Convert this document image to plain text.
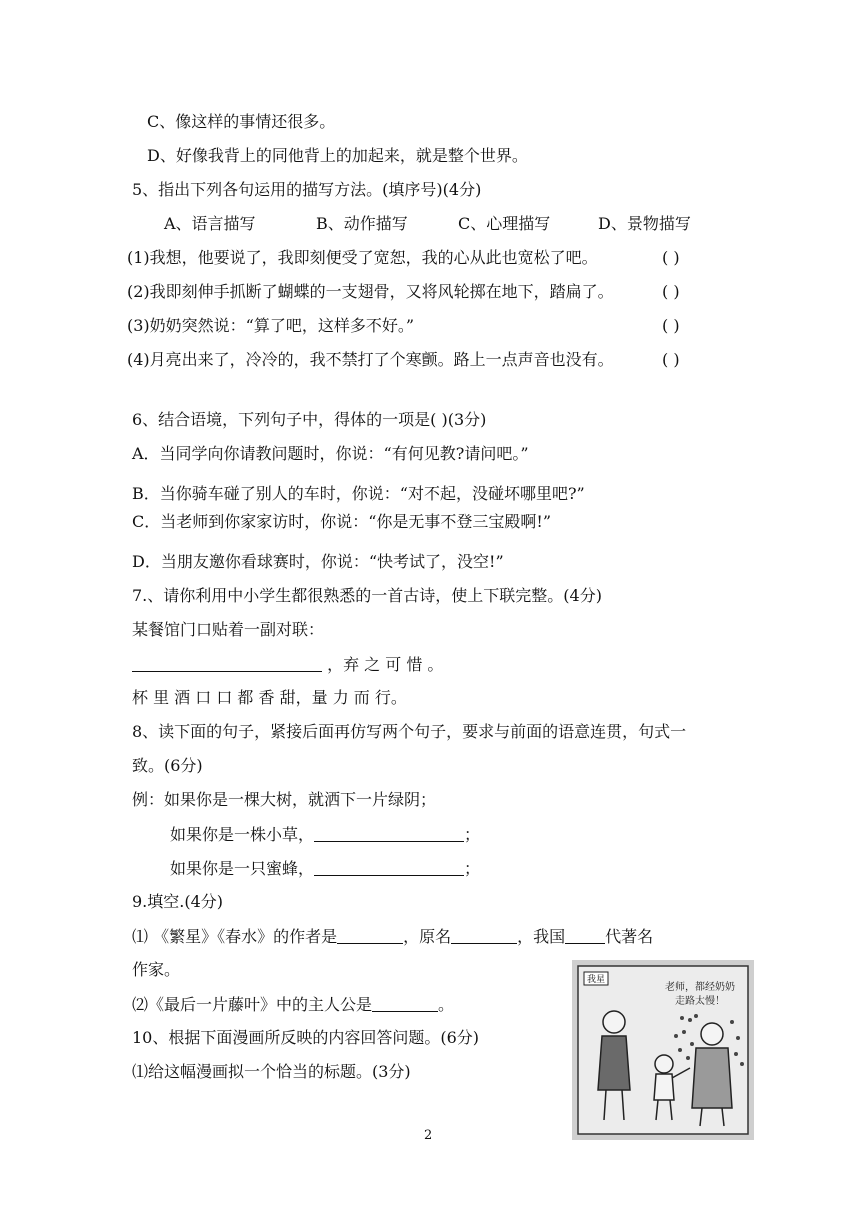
C、像这样的事情还很多。
D、好像我背上的同他背上的加起来，就是整个世界。
5、指出下列各句运用的描写方法。(填序号)(4分)
A、语言描写	B、动作描写	C、心理描写	D、景物描写
(1)我想，他要说了，我即刻便受了宽恕，我的心从此也宽松了吧。	( )
(2)我即刻伸手抓断了蝴蝶的一支翅骨，又将风轮掷在地下，踏扁了。	( )
(3)奶奶突然说：“算了吧，这样多不好。”	( )
(4)月亮出来了，冷冷的，我不禁打了个寒颤。路上一点声音也没有。	( )
6、结合语境，下列句子中，得体的一项是( )(3分)
A．当同学向你请教问题时，你说：“有何见教?请问吧。”
B．当你骑车碰了别人的车时，你说：“对不起，没碰坏哪里吧?”
C．当老师到你家家访时，你说：“你是无事不登三宝殿啊!”
D．当朋友邀你看球赛时，你说：“快考试了，没空!”
7.、请你利用中小学生都很熟悉的一首古诗，使上下联完整。(4分)
某餐馆门口贴着一副对联：
，弃 之 可 惜 。
杯 里 酒 口 口 都 香 甜，量 力 而 行。
8、读下面的句子，紧接后面再仿写两个句子，要求与前面的语意连贯，句式一
致。(6分)
例：如果你是一棵大树，就洒下一片绿阴；
如果你是一株小草，	；
如果你是一只蜜蜂，	；
9.填空.(4分)
⑴ 《繁星》《春水》的作者是	，原名	，我国	代著名
作家。
⑵《最后一片藤叶》中的主人公是	。
10、根据下面漫画所反映的内容回答问题。(6分)
⑴给这幅漫画拟一个恰当的标题。(3分)
2
我星
老师，都经奶奶
走路太慢！
